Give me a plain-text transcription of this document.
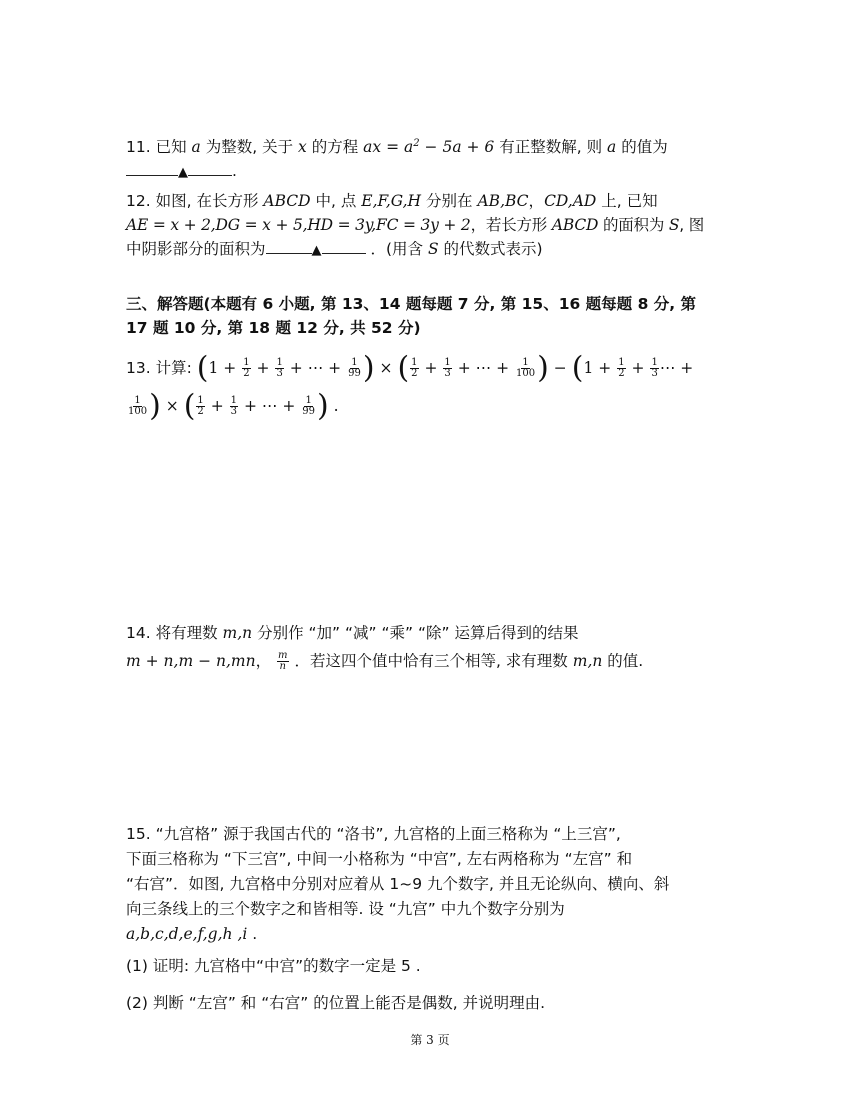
11. 已知 a 为整数, 关于 x 的方程 ax = $a^2 - 5a + 6$ 有正整数解, 则 a 的值为
▲	.
12. 如图, 在长方形 ABCD 中, 点 E,F,G,H 分别在 AB,BC，CD,AD 上, 已知
AE = x + 2,DG = x + 5,HD = 3y,FC = 3y + 2，若长方形 ABCD 的面积为 S, 图
中阴影部分的面积为	▲	．(用含 S 的代数式表示)
三、解答题(本题有 6 小题, 第 13、14 题每题 7 分, 第 15、16 题每题 8 分, 第
17 题 10 分, 第 18 题 12 分, 共 52 分)
13. 计算: ($1 + \frac{1}{2} + \frac{1}{3}$ + ⋯ + $\frac{1}{99}$ ) × ( $\frac{1}{2} + \frac{1}{3}$ + ⋯ + $\frac{1}{100}$ ) − ($1 + \frac{1}{2} + \frac{1}{3}$ ⋯ +
$\frac{1}{100}$ ) × ( $\frac{1}{2} + \frac{1}{3}$ + ⋯ + $\frac{1}{99}$ ) .
14. 将有理数 m,n 分别作 “加” “减” “乘” “除” 运算后得到的结果
m + n,m − n,mn， $\frac{m}{n}$ ．若这四个值中恰有三个相等, 求有理数 m,n 的值.
15. “九宫格” 源于我国古代的 “洛书”, 九宫格的上面三格称为 “上三宫”,
下面三格称为 “下三宫”, 中间一小格称为 “中宫”, 左右两格称为 “左宫” 和
“右宫”．如图, 九宫格中分别对应着从 1~9 九个数字, 并且无论纵向、横向、斜
向三条线上的三个数字之和皆相等. 设 “九宫” 中九个数字分别为
a,b,c,d,e,f,g,ℎ ,i .
(1) 证明: 九宫格中“中宫”的数字一定是 5 .
(2) 判断 “左宫” 和 “右宫” 的位置上能否是偶数, 并说明理由.
第 3 页
